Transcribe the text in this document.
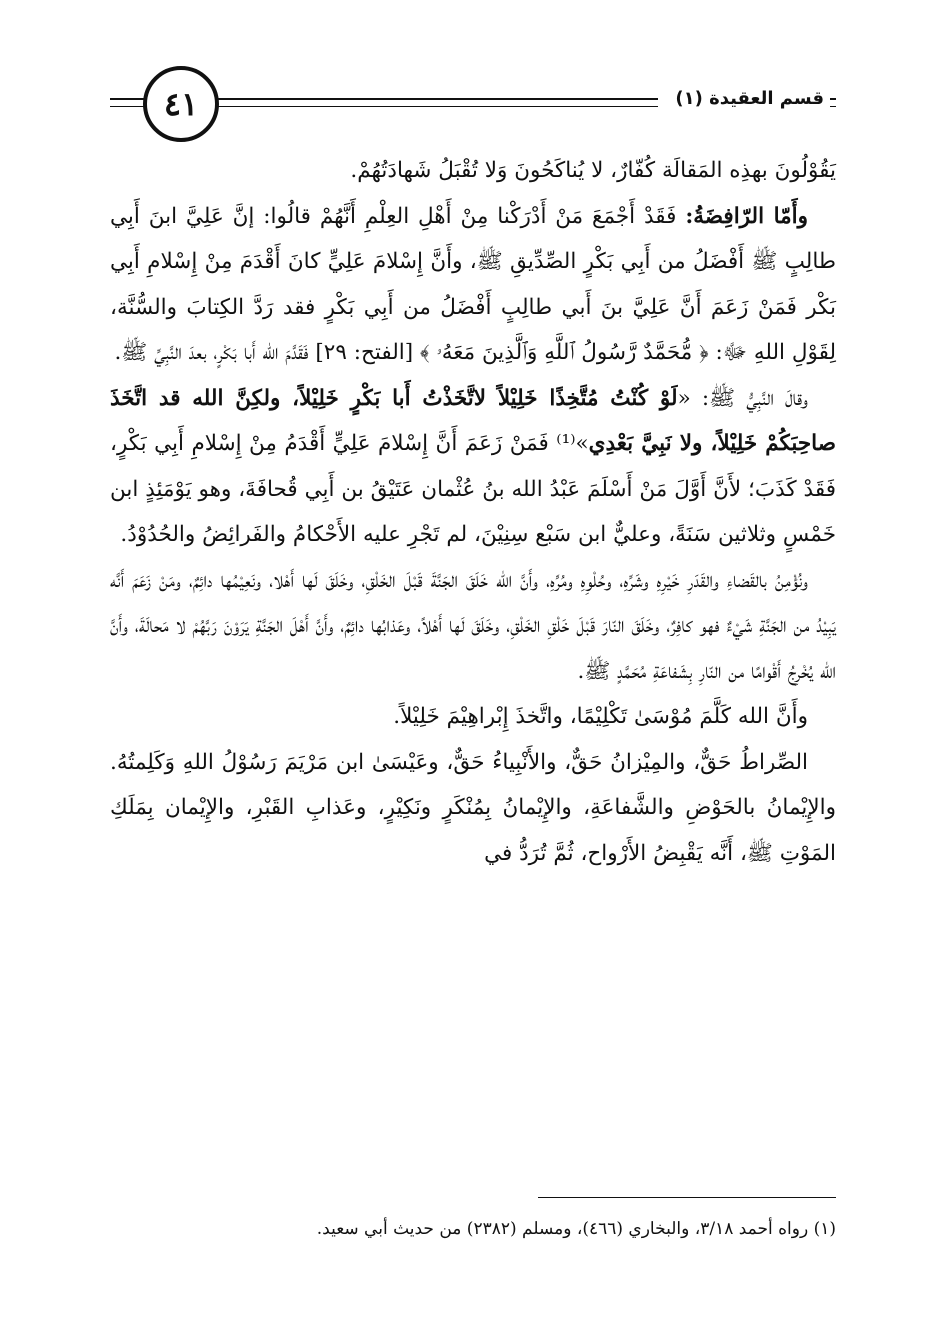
٤١	قسم العقيدة (١)

يَقُوْلُونَ بهذِه المَقالَة كُفّارٌ، لا يُناكَحُونَ وَلا تُقْبَلُ شَهادَتُهُمْ.

وأَمّا الرّافِضَةُ: فَقَدْ أَجْمَعَ مَنْ أَدْرَكْنا مِنْ أَهْلِ العِلْمِ أَنَّهُمْ قالُوا: إنَّ عَلِيَّ ابنَ أَبِي طالِبٍ ﷺ أَفْضَلُ من أَبِي بَكْرٍ الصِّدِّيقِ ﷺ، وأَنَّ إِسْلامَ عَلِيٍّ كانَ أَقْدَمَ مِنْ إِسْلامِ أَبِي بَكْر فَمَنْ زَعَمَ أَنَّ عَلِيَّ بنَ أَبي طالِبٍ أَفْضَلُ من أَبِي بَكْرٍ فقد رَدَّ الكِتابَ والسُّنَّة، لِقَوْلِ اللهِ ﷻ: ﴿ مُّحَمَّدٌ رَّسُولُ ٱللَّهِ وَٱلَّذِينَ مَعَهُۥ ﴾ [الفتح: ٢٩] فَقَدَّمَ الله أَبا بَكْرٍ، بعدَ النَّبِيِّ ﷺ.

وقالَ النَّبِيُّ ﷺ: «لَوْ كُنْتُ مُتَّخِذًا خَلِيْلاً لاتَّخَذْتُ أَبا بَكْرٍ خَلِيْلاً، ولكِنَّ الله قد اتَّخَذَ صاحِبَكُمْ خَلِيْلاً، ولا نَبِيَّ بَعْدِي»⁽¹⁾ فَمَنْ زَعَمَ أَنَّ إِسْلامَ عَلِيٍّ أَقْدَمُ مِنْ إِسْلامِ أَبِي بَكْرٍ، فَقَدْ كَذَبَ؛ لأَنَّ أَوَّلَ مَنْ أَسْلَمَ عَبْدُ الله بنُ عُثْمان عَتَيْقُ بن أَبِي قُحافَةَ، وهو يَوْمَئِذٍ ابن خَمْسٍ وثلاثين سَنَةً، وعليٌّ ابن سَبْع سِنِيْنَ، لم تَجْرِ عليه الأَحْكامُ والفَرائِضُ والحُدُوْدُ.

ونُؤْمِنُ بالقَضاءِ والقَدَرِ خَيْرِهِ وشَرِّهِ، وحُلْوِهِ ومُرِّهِ، وأَنَّ الله خَلَقَ الجَنَّةَ قَبْلَ الخَلْقِ، وخَلَقَ لَها أَهْلا، ونَعِيْمُها دائِمٌ، ومَنْ زَعَمَ أَنَّه يَبِيْدُ من الجَنَّةِ شَيْءٌ فهو كافِرٌ، وخَلَقَ النّارَ قَبْلَ خَلْقِ الخَلْقِ، وخَلَقَ لَها أَهْلاً، وعَذابُها دائِمٌ، وأَنَّ أَهْلَ الجَنَّةِ يَرَوْنَ رَبَّهُمْ لا مَحالَةَ، وأَنَّ الله يُخْرِجُ أَقْوامًا من النّارِ بِشَفاعَةِ مُحَمَّدٍ ﷺ.

وأَنَّ الله كَلَّمَ مُوْسَىٰ تَكْلِيْمًا، واتَّخذَ إِبْراهِيْمَ خَلِيْلاً.

الصِّراطُ حَقٌّ، والمِيْزانُ حَقٌّ، والأَنْبِياءُ حَقٌّ، وعَيْسَىٰ ابن مَرْيَمَ رَسُوْلُ اللهِ وَكَلِمتُهُ. والإِيْمانُ بالحَوْضِ والشَّفاعَةِ، والإِيْمانُ بِمُنْكَرٍ ونَكِيْرٍ، وعَذابِ القَبْرِ، والإِيْمان بِمَلَكِ المَوْتِ ﷺ، أَنَّه يَقْبِضُ الأَرْواح، ثُمَّ تُرَدُّ في

(١) رواه أحمد ٣/١٨، والبخاري (٤٦٦)، ومسلم (٢٣٨٢) من حديث أبي سعيد.
